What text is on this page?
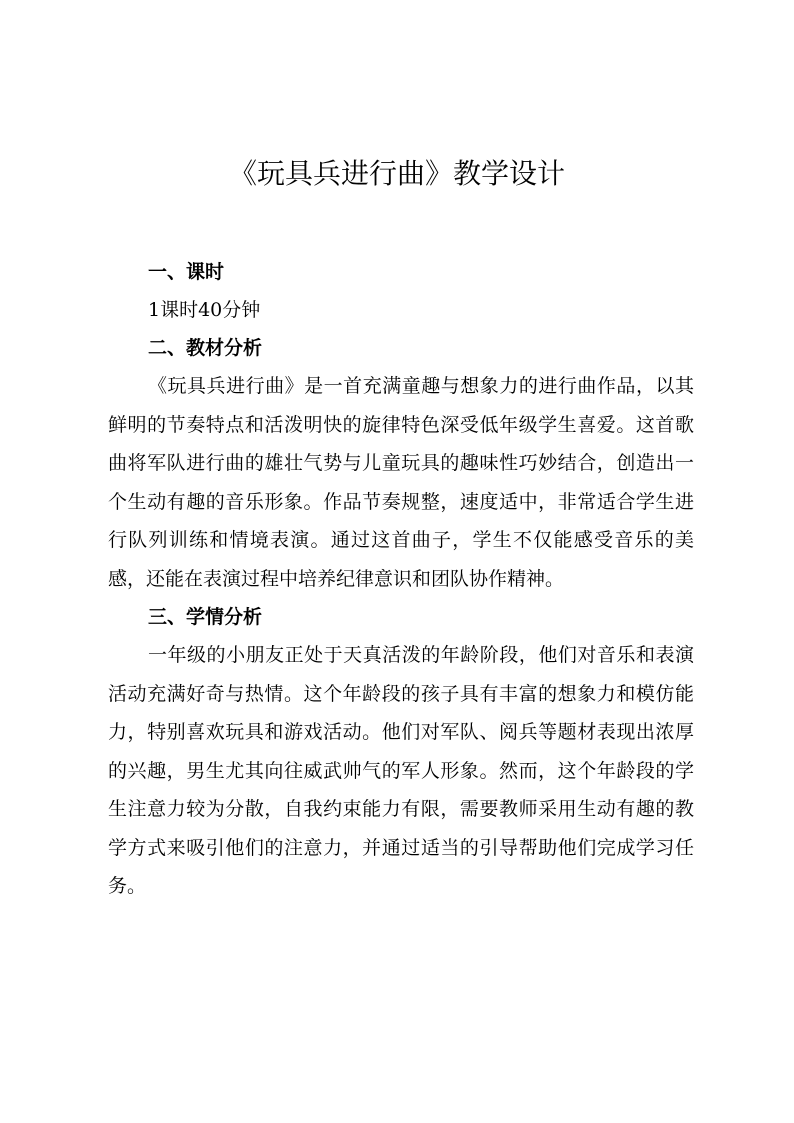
《玩具兵进行曲》教学设计

一、课时

1课时40分钟

二、教材分析

《玩具兵进行曲》是一首充满童趣与想象力的进行曲作品，以其鲜明的节奏特点和活泼明快的旋律特色深受低年级学生喜爱。这首歌曲将军队进行曲的雄壮气势与儿童玩具的趣味性巧妙结合，创造出一个生动有趣的音乐形象。作品节奏规整，速度适中，非常适合学生进行队列训练和情境表演。通过这首曲子，学生不仅能感受音乐的美感，还能在表演过程中培养纪律意识和团队协作精神。

三、学情分析

一年级的小朋友正处于天真活泼的年龄阶段，他们对音乐和表演活动充满好奇与热情。这个年龄段的孩子具有丰富的想象力和模仿能力，特别喜欢玩具和游戏活动。他们对军队、阅兵等题材表现出浓厚的兴趣，男生尤其向往威武帅气的军人形象。然而，这个年龄段的学生注意力较为分散，自我约束能力有限，需要教师采用生动有趣的教学方式来吸引他们的注意力，并通过适当的引导帮助他们完成学习任务。
